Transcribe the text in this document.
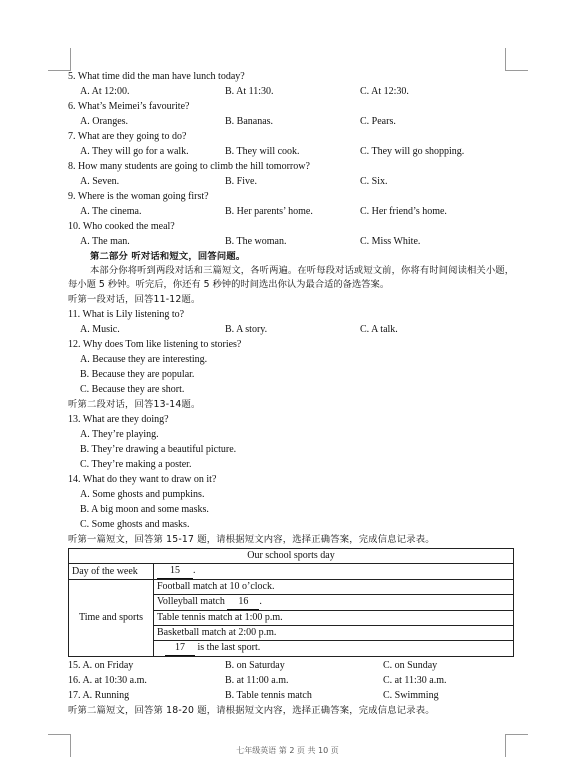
5. What time did the man have lunch today?
A. At 12:00.	B. At 11:30.	C. At 12:30.
6. What’s Meimei’s favourite?
A. Oranges.	B. Bananas.	C. Pears.
7. What are they going to do?
A. They will go for a walk.	B. They will cook.	C. They will go shopping.
8. How many students are going to climb the hill tomorrow?
A. Seven.	B. Five.	C. Six.
9. Where is the woman going first?
A. The cinema.	B. Her parents’ home.	C. Her friend’s home.
10. Who cooked the meal?
A. The man.	B. The woman.	C. Miss White.
第二部分 听对话和短文，回答问题。
本部分你将听到两段对话和三篇短文，各听两遍。在听每段对话或短文前，你将有时间阅读相关小题，每小题 5 秒钟。听完后，你还有 5 秒钟的时间选出你认为最合适的备选答案。
听第一段对话，回答11-12题。
11. What is Lily listening to?
A. Music.	B. A story.	C. A talk.
12. Why does Tom like listening to stories?
A. Because they are interesting.
B. Because they are popular.
C. Because they are short.
听第二段对话，回答13-14题。
13. What are they doing?
A. They’re playing.
B. They’re drawing a beautiful picture.
C. They’re making a poster.
14. What do they want to draw on it?
A. Some ghosts and pumpkins.
B. A big moon and some masks.
C. Some ghosts and masks.
听第一篇短文，回答第 15-17 题，请根据短文内容，选择正确答案，完成信息记录表。
Our school sports day	
Day of the week	15 .
Time and sports	Football match at 10 o’clock.
	Volleyball match 16 .
	Table tennis match at 1:00 p.m.
	Basketball match at 2:00 p.m.
	17 is the last sport.
15. A. on Friday	B. on Saturday	C. on Sunday
16. A. at 10:30 a.m.	B. at 11:00 a.m.	C. at 11:30 a.m.
17. A. Running	B. Table tennis match	C. Swimming
听第二篇短文，回答第 18-20 题，请根据短文内容，选择正确答案，完成信息记录表。
七年级英语 第 2 页 共 10 页
